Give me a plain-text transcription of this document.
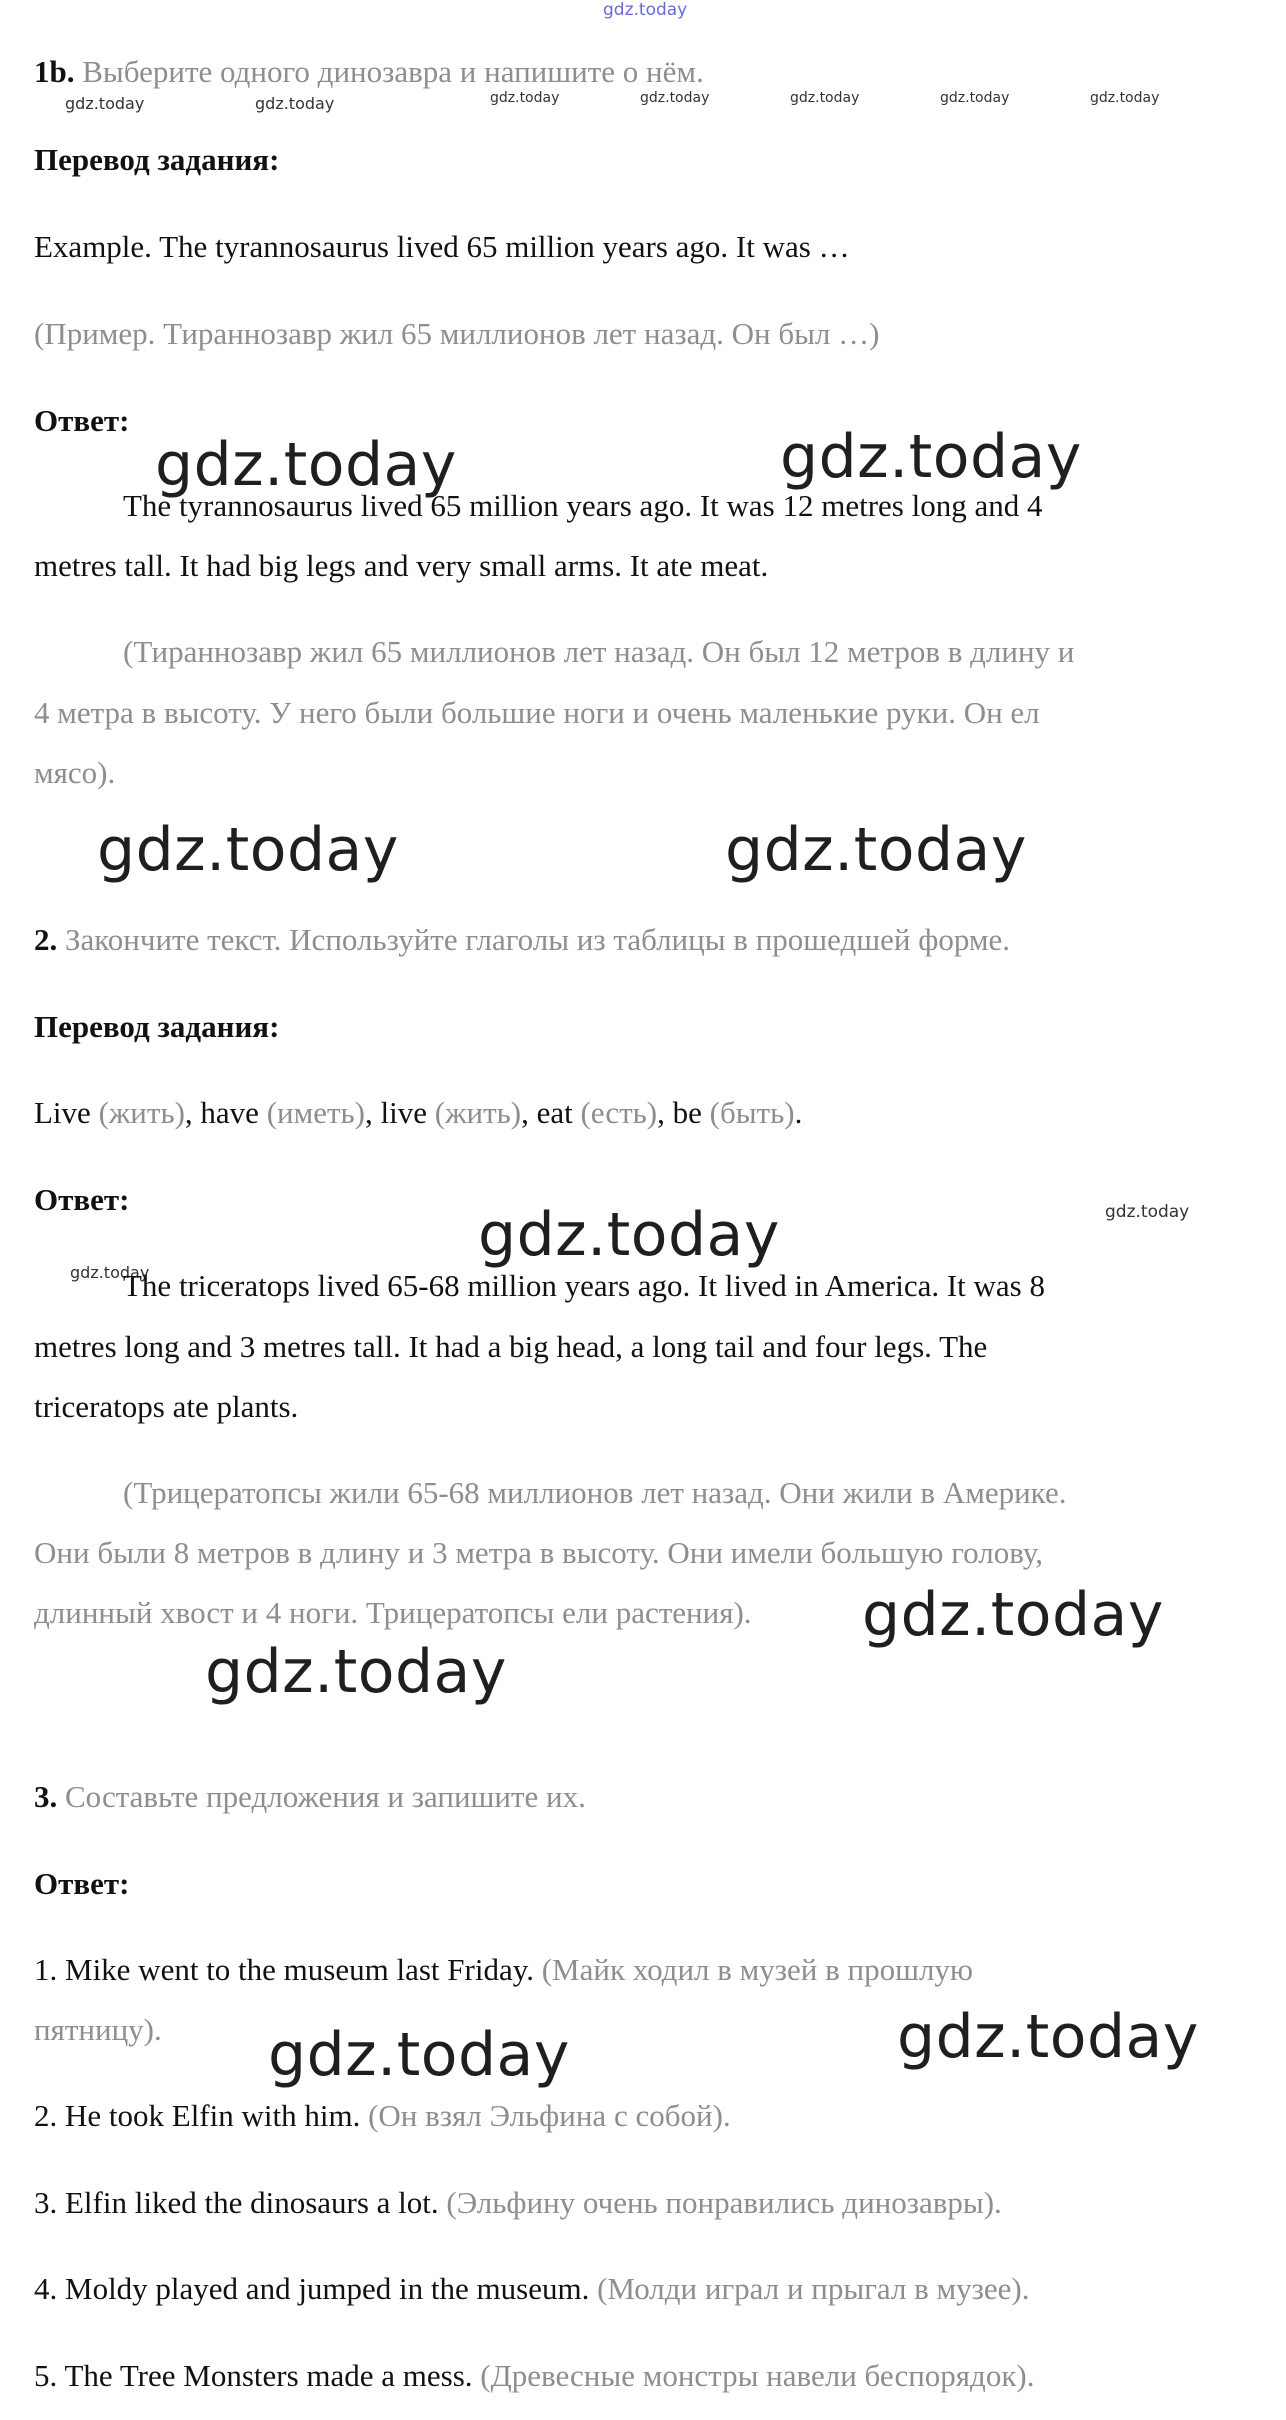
gdz.today
gdz.today	gdz.today	gdz.today	gdz.today	gdz.today	gdz.today	gdz.today
gdz.today	gdz.today
gdz.today	gdz.today
gdz.today	gdz.today
gdz.today
gdz.today
gdz.today
gdz.today	gdz.today
1b. Выберите одного динозавра и напишите о нём.
Перевод задания:
Example. The tyrannosaurus lived 65 million years ago. It was …
(Пример. Тираннозавр жил 65 миллионов лет назад. Он был …)
Ответ:
The tyrannosaurus lived 65 million years ago. It was 12 metres long and 4
metres tall. It had big legs and very small arms. It ate meat.
(Тираннозавр жил 65 миллионов лет назад. Он был 12 метров в длину и
4 метра в высоту. У него были большие ноги и очень маленькие руки. Он ел
мясо).
2. Закончите текст. Используйте глаголы из таблицы в прошедшей форме.
Перевод задания:
Live (жить), have (иметь), live (жить), eat (есть), be (быть).
Ответ:
The triceratops lived 65-68 million years ago. It lived in America. It was 8
metres long and 3 metres tall. It had a big head, a long tail and four legs. The
triceratops ate plants.
(Трицератопсы жили 65-68 миллионов лет назад. Они жили в Америке.
Они были 8 метров в длину и 3 метра в высоту. Они имели большую голову,
длинный хвост и 4 ноги. Трицератопсы ели растения).
3. Составьте предложения и запишите их.
Ответ:
1. Mike went to the museum last Friday. (Майк ходил в музей в прошлую
пятницу).
2. He took Elfin with him. (Он взял Эльфина с собой).
3. Elfin liked the dinosaurs a lot. (Эльфину очень понравились динозавры).
4. Moldy played and jumped in the museum. (Молди играл и прыгал в музее).
5. The Tree Monsters made a mess. (Древесные монстры навели беспорядок).
